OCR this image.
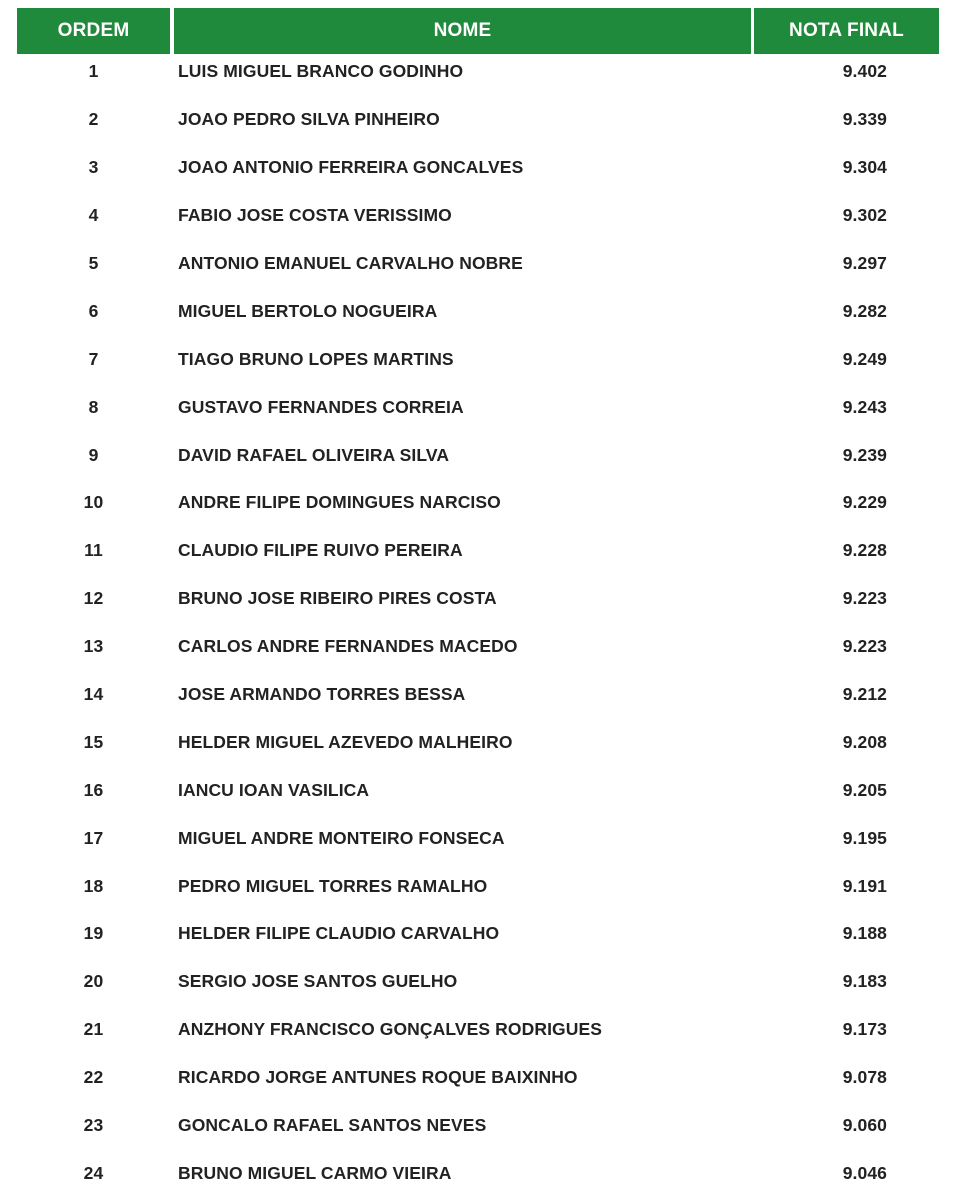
ORDEM	NOME	NOTA FINAL
1	LUIS MIGUEL BRANCO GODINHO	9.402
2	JOAO PEDRO SILVA PINHEIRO	9.339
3	JOAO ANTONIO FERREIRA GONCALVES	9.304
4	FABIO JOSE COSTA VERISSIMO	9.302
5	ANTONIO EMANUEL CARVALHO NOBRE	9.297
6	MIGUEL BERTOLO NOGUEIRA	9.282
7	TIAGO BRUNO LOPES MARTINS	9.249
8	GUSTAVO FERNANDES CORREIA	9.243
9	DAVID RAFAEL OLIVEIRA SILVA	9.239
10	ANDRE FILIPE DOMINGUES NARCISO	9.229
11	CLAUDIO FILIPE RUIVO PEREIRA	9.228
12	BRUNO JOSE RIBEIRO PIRES COSTA	9.223
13	CARLOS ANDRE FERNANDES MACEDO	9.223
14	JOSE ARMANDO TORRES BESSA	9.212
15	HELDER MIGUEL AZEVEDO MALHEIRO	9.208
16	IANCU IOAN VASILICA	9.205
17	MIGUEL ANDRE MONTEIRO FONSECA	9.195
18	PEDRO MIGUEL TORRES RAMALHO	9.191
19	HELDER FILIPE CLAUDIO CARVALHO	9.188
20	SERGIO JOSE SANTOS GUELHO	9.183
21	ANZHONY FRANCISCO GONÇALVES RODRIGUES	9.173
22	RICARDO JORGE ANTUNES ROQUE BAIXINHO	9.078
23	GONCALO RAFAEL SANTOS NEVES	9.060
24	BRUNO MIGUEL CARMO VIEIRA	9.046
